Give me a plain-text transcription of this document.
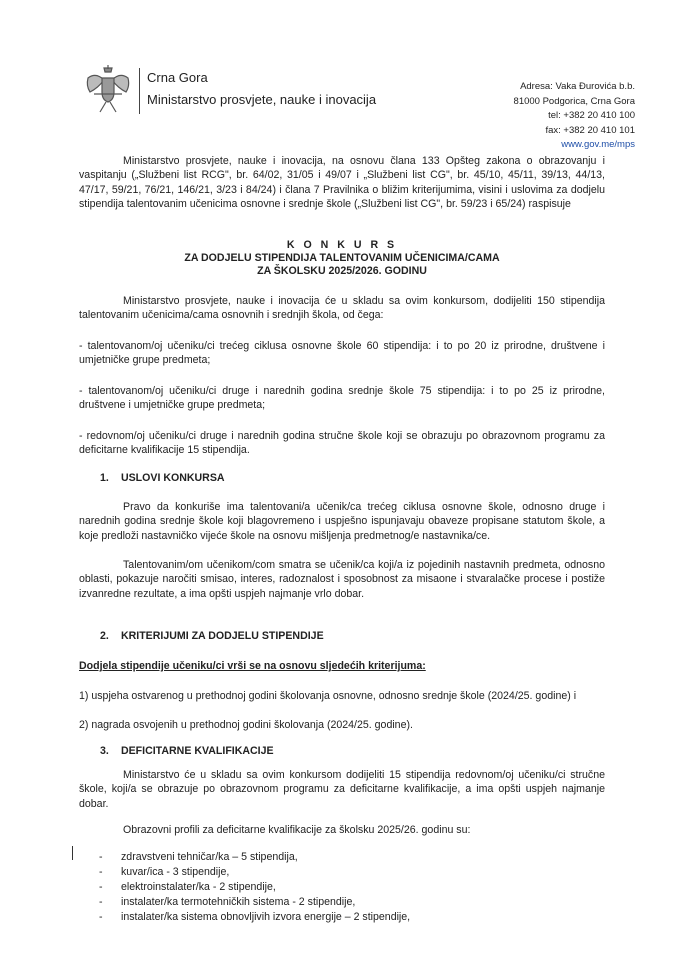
Crna Gora
Ministarstvo prosvjete, nauke i inovacija
Adresa: Vaka Đurovića b.b.
81000 Podgorica, Crna Gora
tel: +382 20 410 100
fax: +382 20 410 101
www.gov.me/mps
Ministarstvo prosvjete, nauke i inovacija, na osnovu člana 133 Opšteg zakona o obrazovanju i vaspitanju („Službeni list RCG", br. 64/02, 31/05 i 49/07 i „Službeni list CG", br. 45/10, 45/11, 39/13, 44/13, 47/17, 59/21, 76/21, 146/21, 3/23 i 84/24) i člana 7 Pravilnika o bližim kriterijumima, visini i uslovima za dodjelu stipendija talentovanim učenicima osnovne i srednje škole („Službeni list CG", br. 59/23 i 65/24) raspisuje
K O N K U R S
ZA DODJELU STIPENDIJA TALENTOVANIM UČENICIMA/CAMA
ZA ŠKOLSKU 2025/2026. GODINU
Ministarstvo prosvjete, nauke i inovacija će u skladu sa ovim konkursom, dodijeliti 150 stipendija talentovanim učenicima/cama osnovnih i srednjih škola, od čega:
- talentovanom/oj učeniku/ci trećeg ciklusa osnovne škole 60 stipendija: i to po 20 iz prirodne, društvene i umjetničke grupe predmeta;
- talentovanom/oj učeniku/ci druge i narednih godina srednje škole 75 stipendija: i to po 25 iz prirodne, društvene i umjetničke grupe predmeta;
- redovnom/oj učeniku/ci druge i narednih godina stručne škole koji se obrazuju po obrazovnom programu za deficitarne kvalifikacije 15 stipendija.
1. USLOVI KONKURSA
Pravo da konkuriše ima talentovani/a učenik/ca trećeg ciklusa osnovne škole, odnosno druge i narednih godina srednje škole koji blagovremeno i uspješno ispunjavaju obaveze propisane statutom škole, a koje predloži nastavničko vijeće škole na osnovu mišljenja predmetnog/e nastavnika/ce.
Talentovanim/om učenikom/com smatra se učenik/ca koji/a iz pojedinih nastavnih predmeta, odnosno oblasti, pokazuje naročiti smisao, interes, radoznalost i sposobnost za misaone i stvaralačke procese i postiže izvanredne rezultate, a ima opšti uspjeh najmanje vrlo dobar.
2. KRITERIJUMI ZA DODJELU STIPENDIJE
Dodjela stipendije učeniku/ci vrši se na osnovu sljedećih kriterijuma:
1) uspjeha ostvarenog u prethodnoj godini školovanja osnovne, odnosno srednje škole (2024/25. godine) i
2) nagrada osvojenih u prethodnoj godini školovanja (2024/25. godine).
3. DEFICITARNE KVALIFIKACIJE
Ministarstvo će u skladu sa ovim konkursom dodijeliti 15 stipendija redovnom/oj učeniku/ci stručne škole, koji/a se obrazuje po obrazovnom programu za deficitarne kvalifikacije, a ima opšti uspjeh najmanje dobar.
Obrazovni profili za deficitarne kvalifikacije za školsku 2025/26. godinu su:
- zdravstveni tehničar/ka – 5 stipendija,
- kuvar/ica - 3 stipendije,
- elektroinstalater/ka - 2 stipendije,
- instalater/ka termotehničkih sistema - 2 stipendije,
- instalater/ka sistema obnovljivih izvora energije – 2 stipendije,
